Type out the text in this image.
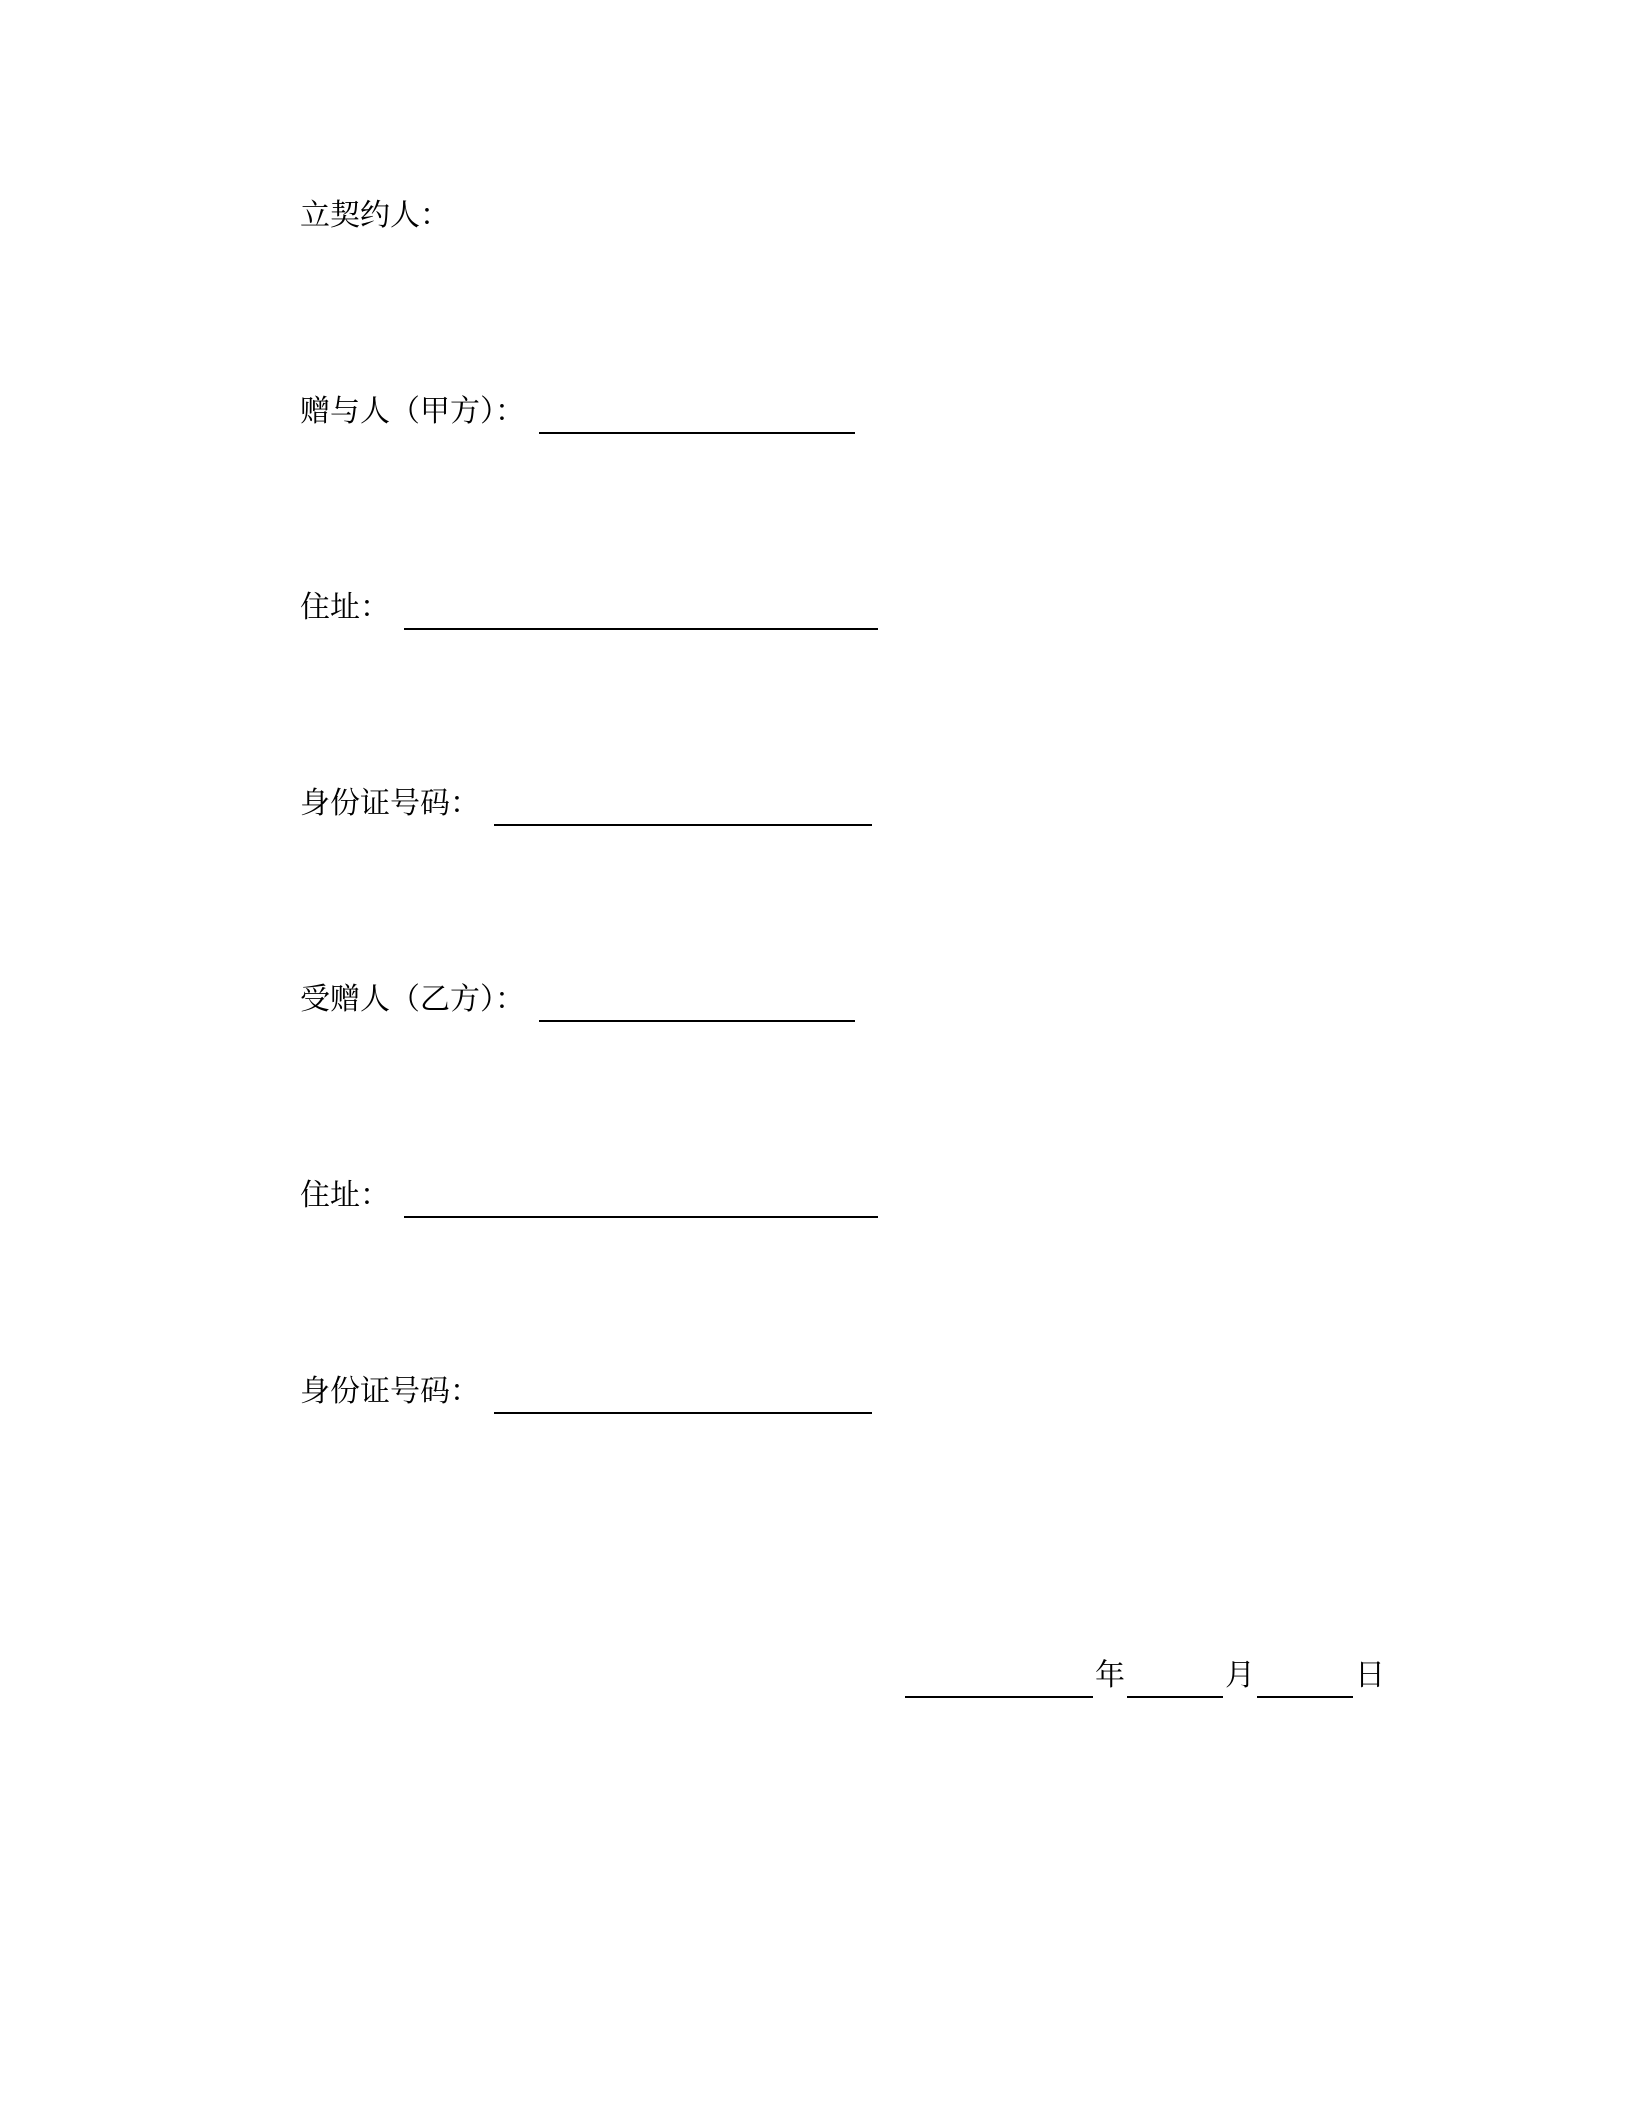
立契约人：
赠与人（甲方）：
住址：
身份证号码：
受赠人（乙方）：
住址：
身份证号码：
年	月	日
